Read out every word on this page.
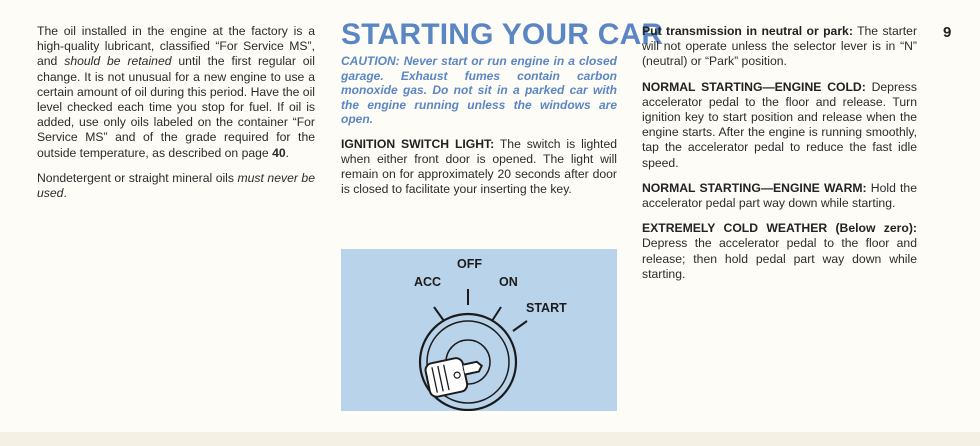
9

The oil installed in the engine at the factory is a high-quality lubricant, classified “For Service MS”, and should be retained until the first regular oil change. It is not unusual for a new engine to use a certain amount of oil during this period. Have the oil level checked each time you stop for fuel. If oil is added, use only oils labeled on the container “For Service MS” and of the grade required for the outside temperature, as described on page 40.

Nondetergent or straight mineral oils must never be used.

STARTING YOUR CAR

CAUTION: Never start or run engine in a closed garage. Exhaust fumes contain carbon monoxide gas. Do not sit in a parked car with the engine running unless the windows are open.

IGNITION SWITCH LIGHT: The switch is lighted when either front door is opened. The light will remain on for approximately 20 seconds after door is closed to facilitate your inserting the key.

ACC
OFF
ON
START

Put transmission in neutral or park: The starter will not operate unless the selector lever is in “N” (neutral) or “Park” position.

NORMAL STARTING—ENGINE COLD: Depress accelerator pedal to the floor and release. Turn ignition key to start position and release when the engine starts. After the engine is running smoothly, tap the accelerator pedal to reduce the fast idle speed.

NORMAL STARTING—ENGINE WARM: Hold the accelerator pedal part way down while starting.

EXTREMELY COLD WEATHER (Below zero): Depress the accelerator pedal to the floor and release; then hold pedal part way down while starting.
